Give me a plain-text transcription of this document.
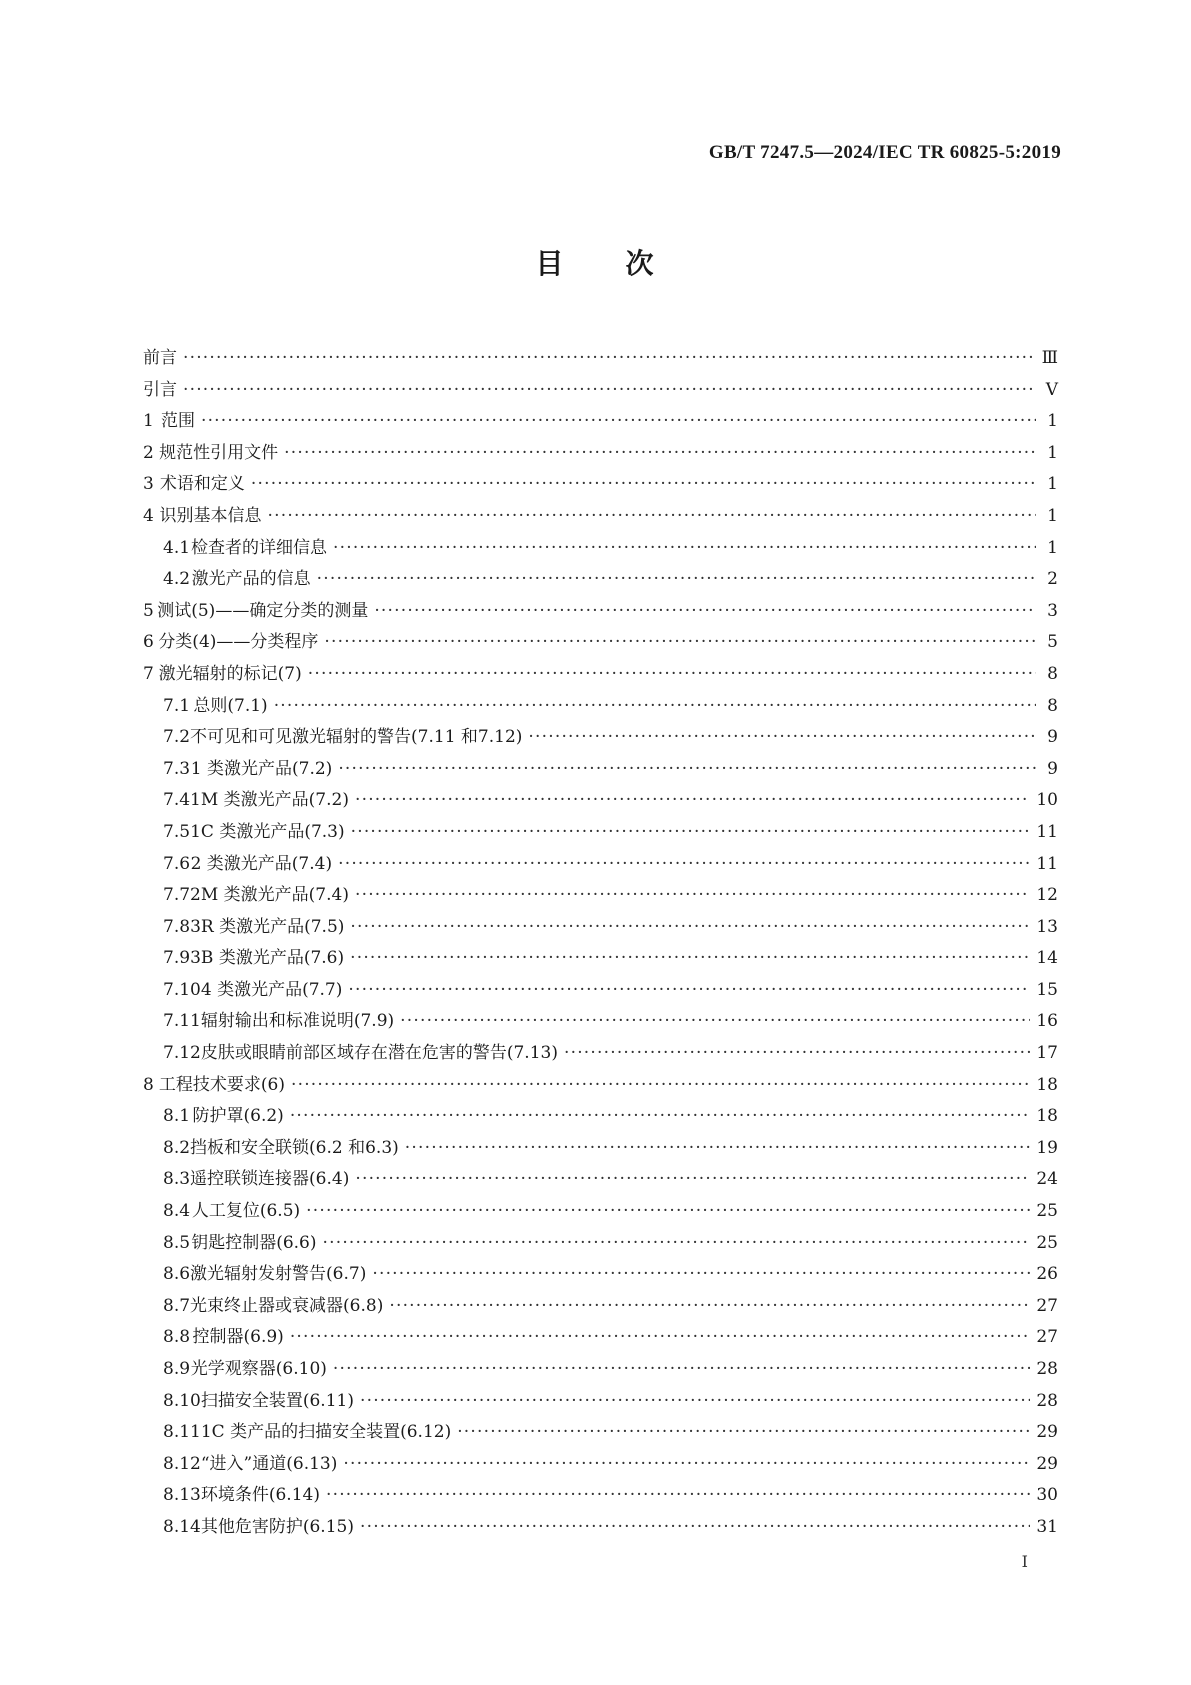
GB/T 7247.5—2024/IEC TR 60825-5:2019
目 次
前言 ·····	Ⅲ
引言 ·····	Ⅴ
1 范围 ·····	1
2 规范性引用文件 ·····	1
3 术语和定义 ·····	1
4 识别基本信息 ·····	1
4.1 检查者的详细信息 ·····	1
4.2 激光产品的信息 ·····	2
5 测试(5)——确定分类的测量 ·····	3
6 分类(4)——分类程序 ·····	5
7 激光辐射的标记(7) ·····	8
7.1 总则(7.1) ·····	8
7.2 不可见和可见激光辐射的警告(7.11 和7.12) ·····	9
7.3 1 类激光产品(7.2) ·····	9
7.4 1M 类激光产品(7.2) ·····	10
7.5 1C 类激光产品(7.3) ·····	11
7.6 2 类激光产品(7.4) ·····	11
7.7 2M 类激光产品(7.4) ·····	12
7.8 3R 类激光产品(7.5) ·····	13
7.9 3B 类激光产品(7.6) ·····	14
7.10 4 类激光产品(7.7) ·····	15
7.11 辐射输出和标准说明(7.9) ·····	16
7.12 皮肤或眼睛前部区域存在潜在危害的警告(7.13) ·····	17
8 工程技术要求(6) ·····	18
8.1 防护罩(6.2) ·····	18
8.2 挡板和安全联锁(6.2 和6.3) ·····	19
8.3 遥控联锁连接器(6.4) ·····	24
8.4 人工复位(6.5) ·····	25
8.5 钥匙控制器(6.6) ·····	25
8.6 激光辐射发射警告(6.7) ·····	26
8.7 光束终止器或衰减器(6.8) ·····	27
8.8 控制器(6.9) ·····	27
8.9 光学观察器(6.10) ·····	28
8.10 扫描安全装置(6.11) ·····	28
8.11 1C 类产品的扫描安全装置(6.12) ·····	29
8.12 “进入”通道(6.13) ·····	29
8.13 环境条件(6.14) ·····	30
8.14 其他危害防护(6.15) ·····	31
Ⅰ
